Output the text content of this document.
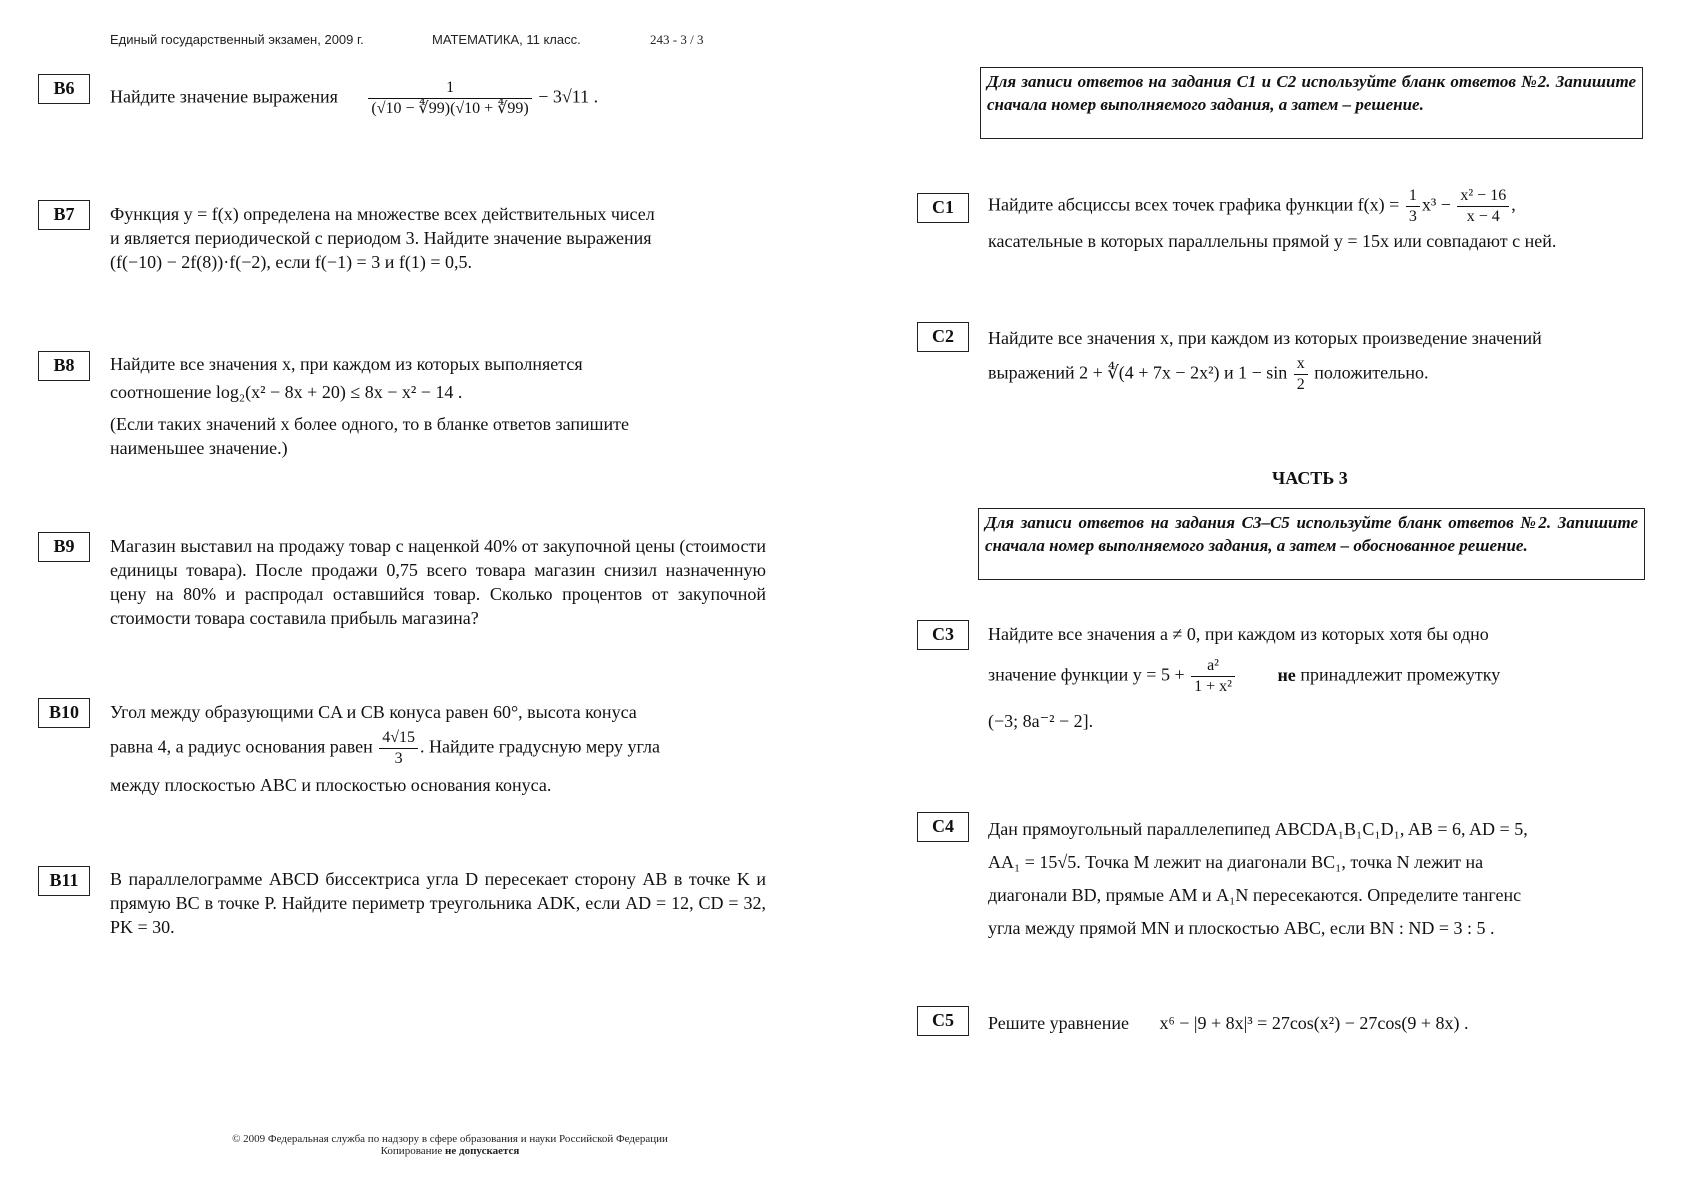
Единый государственный экзамен, 2009 г.	МАТЕМАТИКА, 11 класс.	243 - 3 / 3
B6	Найдите значение выражения $\frac{1}{(√10 - ∜99)(√10 + ∜99)} - 3√11$ .
B7	Функция y = f(x) определена на множестве всех действительных чисел
и является периодической с периодом 3. Найдите значение выражения
(f(−10) − 2f(8))·f(−2), если f(−1) = 3 и f(1) = 0,5.
B8	Найдите все значения x, при каждом из которых выполняется
соотношение log₂(x² − 8x + 20) ≤ 8x − x² − 14 .
(Если таких значений x более одного, то в бланке ответов запишите
наименьшее значение.)
B9	Магазин выставил на продажу товар с наценкой 40% от закупочной цены (стоимости единицы товара). После продажи 0,75 всего товара магазин снизил назначенную цену на 80% и распродал оставшийся товар. Сколько процентов от закупочной стоимости товара составила прибыль магазина?
B10	Угол между образующими CA и CB конуса равен 60°, высота конуса
равна 4, а радиус основания равен $\frac{4√15}{3}$ . Найдите градусную меру угла
между плоскостью ABC и плоскостью основания конуса.
B11	В параллелограмме ABCD биссектриса угла D пересекает сторону AB в точке K и прямую BC в точке P. Найдите периметр треугольника ADK, если AD = 12, CD = 32, PK = 30.
Для записи ответов на задания C1 и C2 используйте бланк ответов №2. Запишите сначала номер выполняемого задания, а затем – решение.
C1	Найдите абсциссы всех точек графика функции $f(x) = \frac{1}{3} x^3 - \frac{\text{x² − 16}}{x - 4}$ ,
касательные в которых параллельны прямой y = 15x или совпадают с ней.
C2	Найдите все значения x, при каждом из которых произведение значений
выражений 2 + ∜(4 + 7x − 2x²) и $1 - \sin \frac{x}{2}$ положительно.
ЧАСТЬ 3
Для записи ответов на задания C3–C5 используйте бланк ответов №2. Запишите сначала номер выполняемого задания, а затем – обоснованное решение.
C3	Найдите все значения a ≠ 0, при каждом из которых хотя бы одно
значение функции $y = 5 + \frac{\text{a²}}{\text{1 + x²}}$ не принадлежит промежутку
(−3; 8a⁻² − 2].
C4	Дан прямоугольный параллелепипед ABCDA₁B₁C₁D₁, AB = 6, AD = 5,
AA₁ = 15√5. Точка M лежит на диагонали BC₁, точка N лежит на
диагонали BD, прямые AM и A₁N пересекаются. Определите тангенс
угла между прямой MN и плоскостью ABC, если BN : ND = 3 : 5 .
C5	Решите уравнение x⁶ − |9 + 8x|³ = 27cos(x²) − 27cos(9 + 8x) .
© 2009 Федеральная служба по надзору в сфере образования и науки Российской Федерации
Копирование не допускается
